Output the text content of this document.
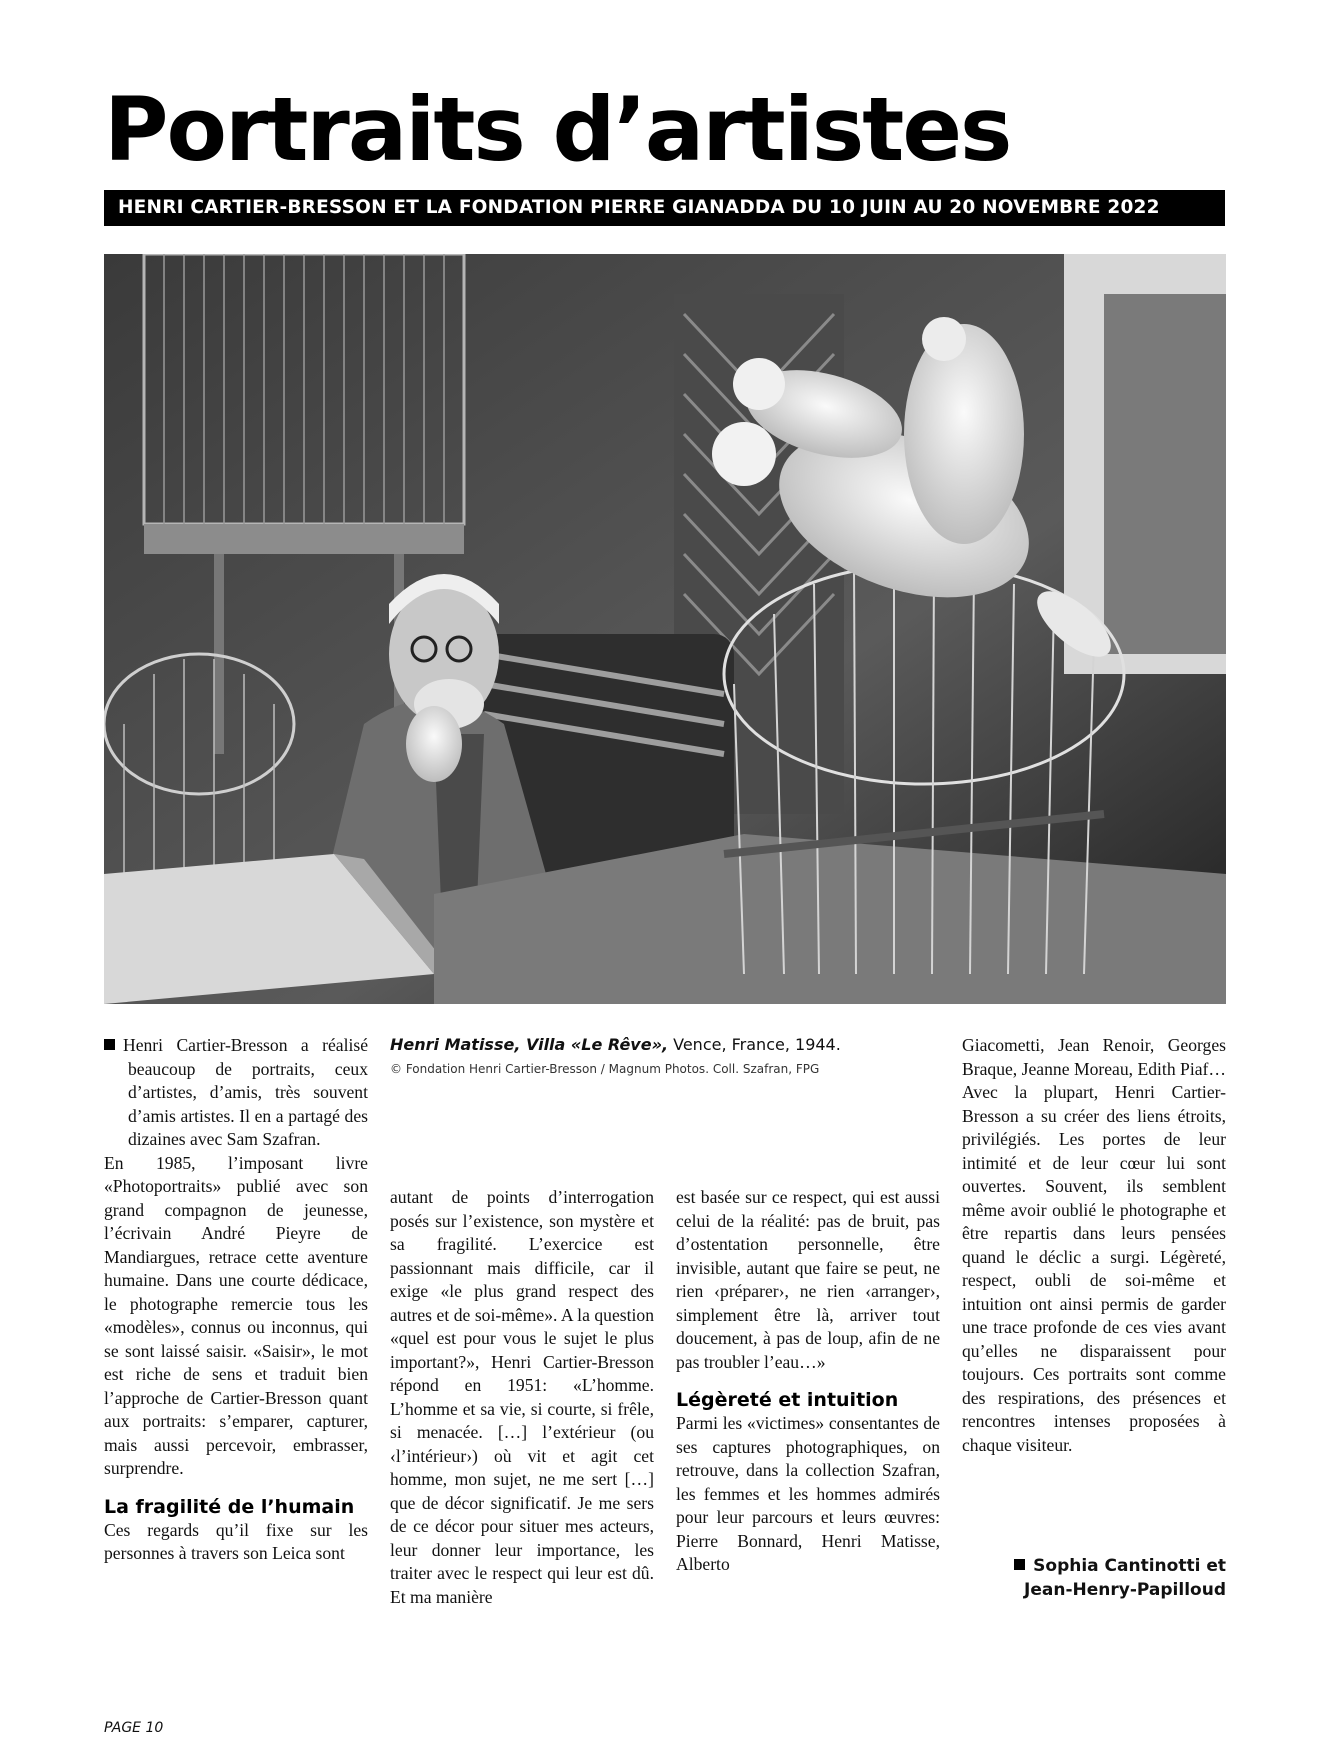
Portraits d’artistes
HENRI CARTIER-BRESSON ET LA FONDATION PIERRE GIANADDA DU 10 JUIN AU 20 NOVEMBRE 2022

Henri Cartier-Bresson a réalisé beaucoup de portraits, ceux d’artistes, d’amis, très souvent d’amis artistes. Il en a partagé des dizaines avec Sam Szafran.

En 1985, l’imposant livre «Photoportraits» publié avec son grand compagnon de jeunesse, l’écrivain André Pieyre de Mandiargues, retrace cette aventure humaine. Dans une courte dédicace, le photographe remercie tous les «modèles», connus ou inconnus, qui se sont laissé saisir. «Saisir», le mot est riche de sens et traduit bien l’approche de Cartier-Bresson quant aux portraits: s’emparer, capturer, mais aussi percevoir, embrasser, surprendre.

La fragilité de l’humain

Ces regards qu’il fixe sur les personnes à travers son Leica sont

Henri Matisse, Villa «Le Rêve», Vence, France, 1944.
© Fondation Henri Cartier-Bresson / Magnum Photos. Coll. Szafran, FPG

autant de points d’interrogation posés sur l’existence, son mystère et sa fragilité. L’exercice est passionnant mais difficile, car il exige «le plus grand respect des autres et de soi-même». A la question «quel est pour vous le sujet le plus important?», Henri Cartier-Bresson répond en 1951: «L’homme. L’homme et sa vie, si courte, si frêle, si menacée. […] l’extérieur (ou ‹l’intérieur›) où vit et agit cet homme, mon sujet, ne me sert […] que de décor significatif. Je me sers de ce décor pour situer mes acteurs, leur donner leur importance, les traiter avec le respect qui leur est dû. Et ma manière

est basée sur ce respect, qui est aussi celui de la réalité: pas de bruit, pas d’ostentation personnelle, être invisible, autant que faire se peut, ne rien ‹préparer›, ne rien ‹arranger›, simplement être là, arriver tout doucement, à pas de loup, afin de ne pas troubler l’eau…»

Légèreté et intuition

Parmi les «victimes» consentantes de ses captures photographiques, on retrouve, dans la collection Szafran, les femmes et les hommes admirés pour leur parcours et leurs œuvres: Pierre Bonnard, Henri Matisse, Alberto

Giacometti, Jean Renoir, Georges Braque, Jeanne Moreau, Edith Piaf… Avec la plupart, Henri Cartier-Bresson a su créer des liens étroits, privilégiés. Les portes de leur intimité et de leur cœur lui sont ouvertes. Souvent, ils semblent même avoir oublié le photographe et être repartis dans leurs pensées quand le déclic a surgi. Légèreté, respect, oubli de soi-même et intuition ont ainsi permis de garder une trace profonde de ces vies avant qu’elles ne disparaissent pour toujours. Ces portraits sont comme des respirations, des présences et rencontres intenses proposées à chaque visiteur.

Sophia Cantinotti et
Jean-Henry-Papilloud
PAGE 10
